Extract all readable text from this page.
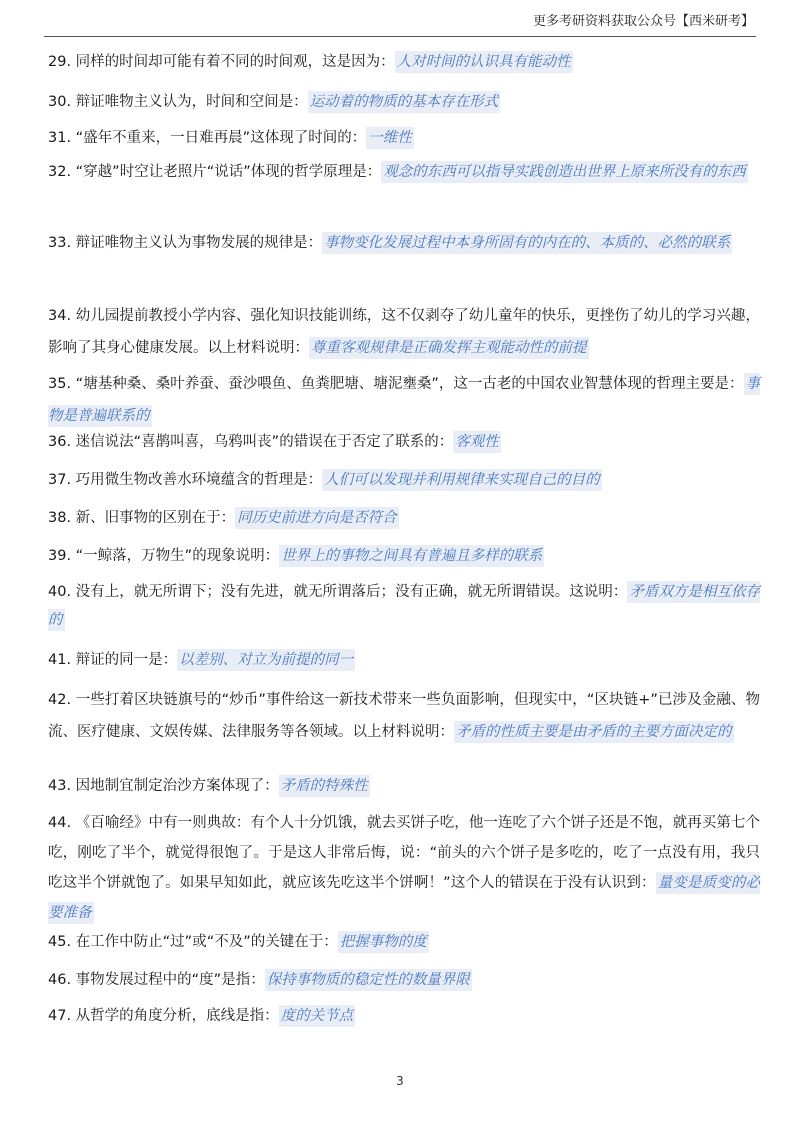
更多考研资料获取公众号【西米研考】

29. 同样的时间却可能有着不同的时间观，这是因为： 人对时间的认识具有能动性

30. 辩证唯物主义认为，时间和空间是： 运动着的物质的基本存在形式

31. “盛年不重来，一日难再晨”这体现了时间的： 一维性

32. “穿越”时空让老照片“说话”体现的哲学原理是： 观念的东西可以指导实践创造出世界上原来所没有的东西

33. 辩证唯物主义认为事物发展的规律是： 事物变化发展过程中本身所固有的内在的、本质的、必然的联系

34. 幼儿园提前教授小学内容、强化知识技能训练，这不仅剥夺了幼儿童年的快乐，更挫伤了幼儿的学习兴趣，影响了其身心健康发展。以上材料说明： 尊重客观规律是正确发挥主观能动性的前提

35. “塘基种桑、桑叶养蚕、蚕沙喂鱼、鱼粪肥塘、塘泥壅桑”，这一古老的中国农业智慧体现的哲理主要是： 事物是普遍联系的

36. 迷信说法“喜鹊叫喜，乌鸦叫丧”的错误在于否定了联系的： 客观性

37. 巧用微生物改善水环境蕴含的哲理是： 人们可以发现并利用规律来实现自己的目的

38. 新、旧事物的区别在于： 同历史前进方向是否符合

39. “一鲸落，万物生”的现象说明： 世界上的事物之间具有普遍且多样的联系

40. 没有上，就无所谓下；没有先进，就无所谓落后；没有正确，就无所谓错误。这说明： 矛盾双方是相互依存的

41. 辩证的同一是： 以差别、对立为前提的同一

42. 一些打着区块链旗号的“炒币”事件给这一新技术带来一些负面影响，但现实中，“区块链+”已涉及金融、物流、医疗健康、文娱传媒、法律服务等各领域。以上材料说明： 矛盾的性质主要是由矛盾的主要方面决定的

43. 因地制宜制定治沙方案体现了： 矛盾的特殊性

44. 《百喻经》中有一则典故：有个人十分饥饿，就去买饼子吃，他一连吃了六个饼子还是不饱，就再买第七个吃，刚吃了半个，就觉得很饱了。于是这人非常后悔，说：“前头的六个饼子是多吃的，吃了一点没有用，我只吃这半个饼就饱了。如果早知如此，就应该先吃这半个饼啊！”这个人的错误在于没有认识到： 量变是质变的必要准备

45. 在工作中防止“过”或“不及”的关键在于： 把握事物的度

46. 事物发展过程中的“度”是指： 保持事物质的稳定性的数量界限

47. 从哲学的角度分析，底线是指： 度的关节点

3
